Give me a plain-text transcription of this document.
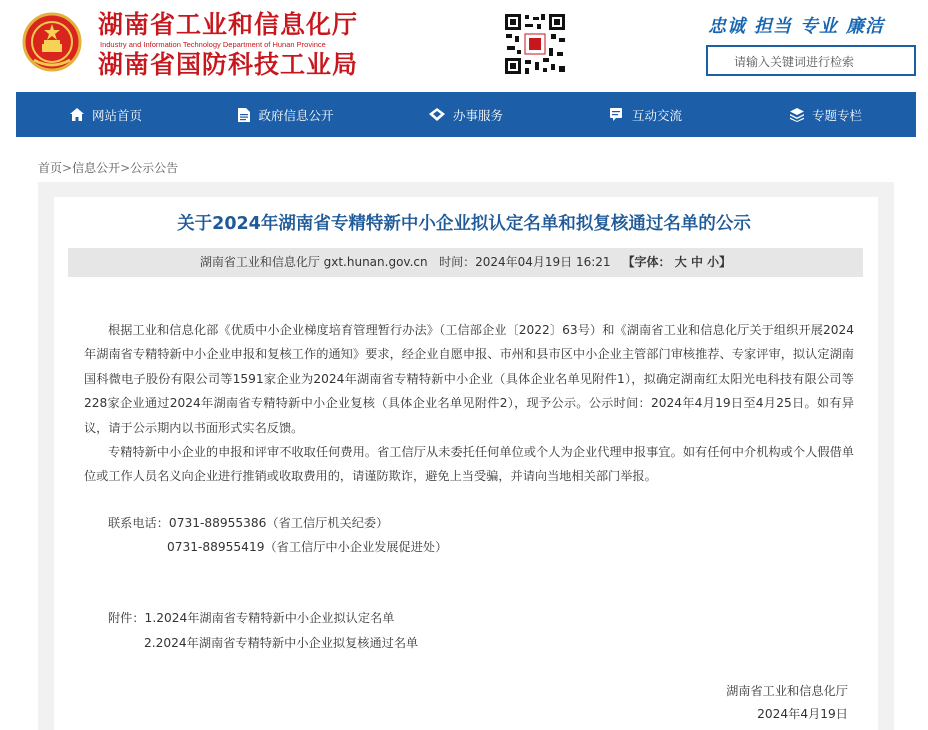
湖南省工业和信息化厅
Industry and Information Technology Department of Hunan Province
湖南省国防科技工业局
忠诚 担当 专业 廉洁
请输入关键词进行检索
网站首页	政府信息公开	办事服务	互动交流	专题专栏
首页>信息公开>公示公告
关于2024年湖南省专精特新中小企业拟认定名单和拟复核通过名单的公示
湖南省工业和信息化厅 gxt.hunan.gov.cn 时间：2024年04月19日 16:21 【字体： 大 中 小】

根据工业和信息化部《优质中小企业梯度培育管理暂行办法》（工信部企业〔2022〕63号）和《湖南省工业和信息化厅关于组织开展2024年湖南省专精特新中小企业申报和复核工作的通知》要求，经企业自愿申报、市州和县市区中小企业主管部门审核推荐、专家评审，拟认定湖南国科微电子股份有限公司等1591家企业为2024年湖南省专精特新中小企业（具体企业名单见附件1），拟确定湖南红太阳光电科技有限公司等228家企业通过2024年湖南省专精特新中小企业复核（具体企业名单见附件2），现予公示。公示时间：2024年4月19日至4月25日。如有异议，请于公示期内以书面形式实名反馈。

专精特新中小企业的申报和评审不收取任何费用。省工信厅从未委托任何单位或个人为企业代理申报事宜。如有任何中介机构或个人假借单位或工作人员名义向企业进行推销或收取费用的，请谨防欺诈，避免上当受骗，并请向当地相关部门举报。

联系电话：0731-88955386（省工信厅机关纪委）
0731-88955419（省工信厅中小企业发展促进处）
附件：1.2024年湖南省专精特新中小企业拟认定名单
2.2024年湖南省专精特新中小企业拟复核通过名单
湖南省工业和信息化厅
2024年4月19日
